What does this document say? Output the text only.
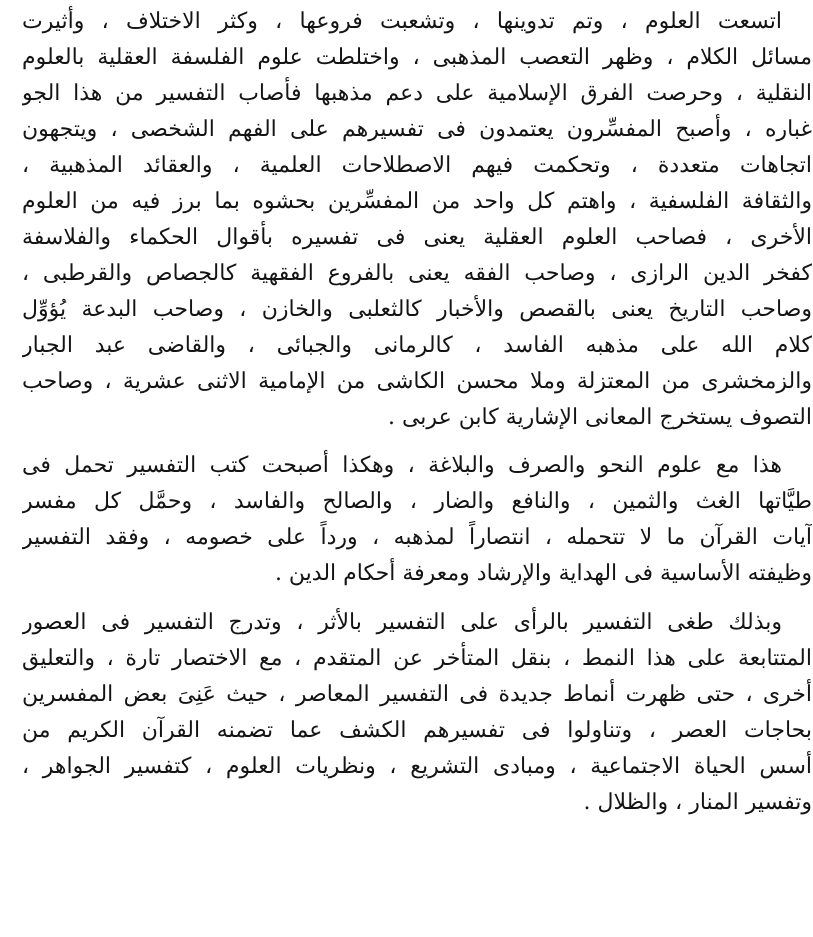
اتسعت العلوم ، وتم تدوينها ، وتشعبت فروعها ، وكثر الاختلاف ، وأثيرت
مسائل الكلام ، وظهر التعصب المذهبى ، واختلطت علوم الفلسفة العقلية بالعلوم
النقلية ، وحرصت الفرق الإسلامية على دعم مذهبها فأصاب التفسير من هذا الجو
غباره ، وأصبح المفسِّرون يعتمدون فى تفسيرهم على الفهم الشخصى ، ويتجهون
اتجاهات متعددة ، وتحكمت فيهم الاصطلاحات العلمية ، والعقائد المذهبية ،
والثقافة الفلسفية ، واهتم كل واحد من المفسِّرين بحشوه بما برز فيه من العلوم
الأخرى ، فصاحب العلوم العقلية يعنى فى تفسيره بأقوال الحكماء والفلاسفة
كفخر الدين الرازى ، وصاحب الفقه يعنى بالفروع الفقهية كالجصاص والقرطبى ،
وصاحب التاريخ يعنى بالقصص والأخبار كالثعلبى والخازن ، وصاحب البدعة يُؤوِّل
كلام الله على مذهبه الفاسد ، كالرمانى والجبائى ، والقاضى عبد الجبار
والزمخشرى من المعتزلة وملا محسن الكاشى من الإمامية الاثنى عشرية ، وصاحب
التصوف يستخرج المعانى الإشارية كابن عربى .
هذا مع علوم النحو والصرف والبلاغة ، وهكذا أصبحت كتب التفسير تحمل فى
طيَّاتها الغث والثمين ، والنافع والضار ، والصالح والفاسد ، وحمَّل كل مفسر
آيات القرآن ما لا تتحمله ، انتصاراً لمذهبه ، ورداً على خصومه ، وفقد التفسير
وظيفته الأساسية فى الهداية والإرشاد ومعرفة أحكام الدين .
وبذلك طغى التفسير بالرأى على التفسير بالأثر ، وتدرج التفسير فى العصور
المتتابعة على هذا النمط ، بنقل المتأخر عن المتقدم ، مع الاختصار تارة ، والتعليق
أخرى ، حتى ظهرت أنماط جديدة فى التفسير المعاصر ، حيث عَنِىَ بعض المفسرين
بحاجات العصر ، وتناولوا فى تفسيرهم الكشف عما تضمنه القرآن الكريم من
أسس الحياة الاجتماعية ، ومبادى التشريع ، ونظريات العلوم ، كتفسير الجواهر ،
وتفسير المنار ، والظلال .
